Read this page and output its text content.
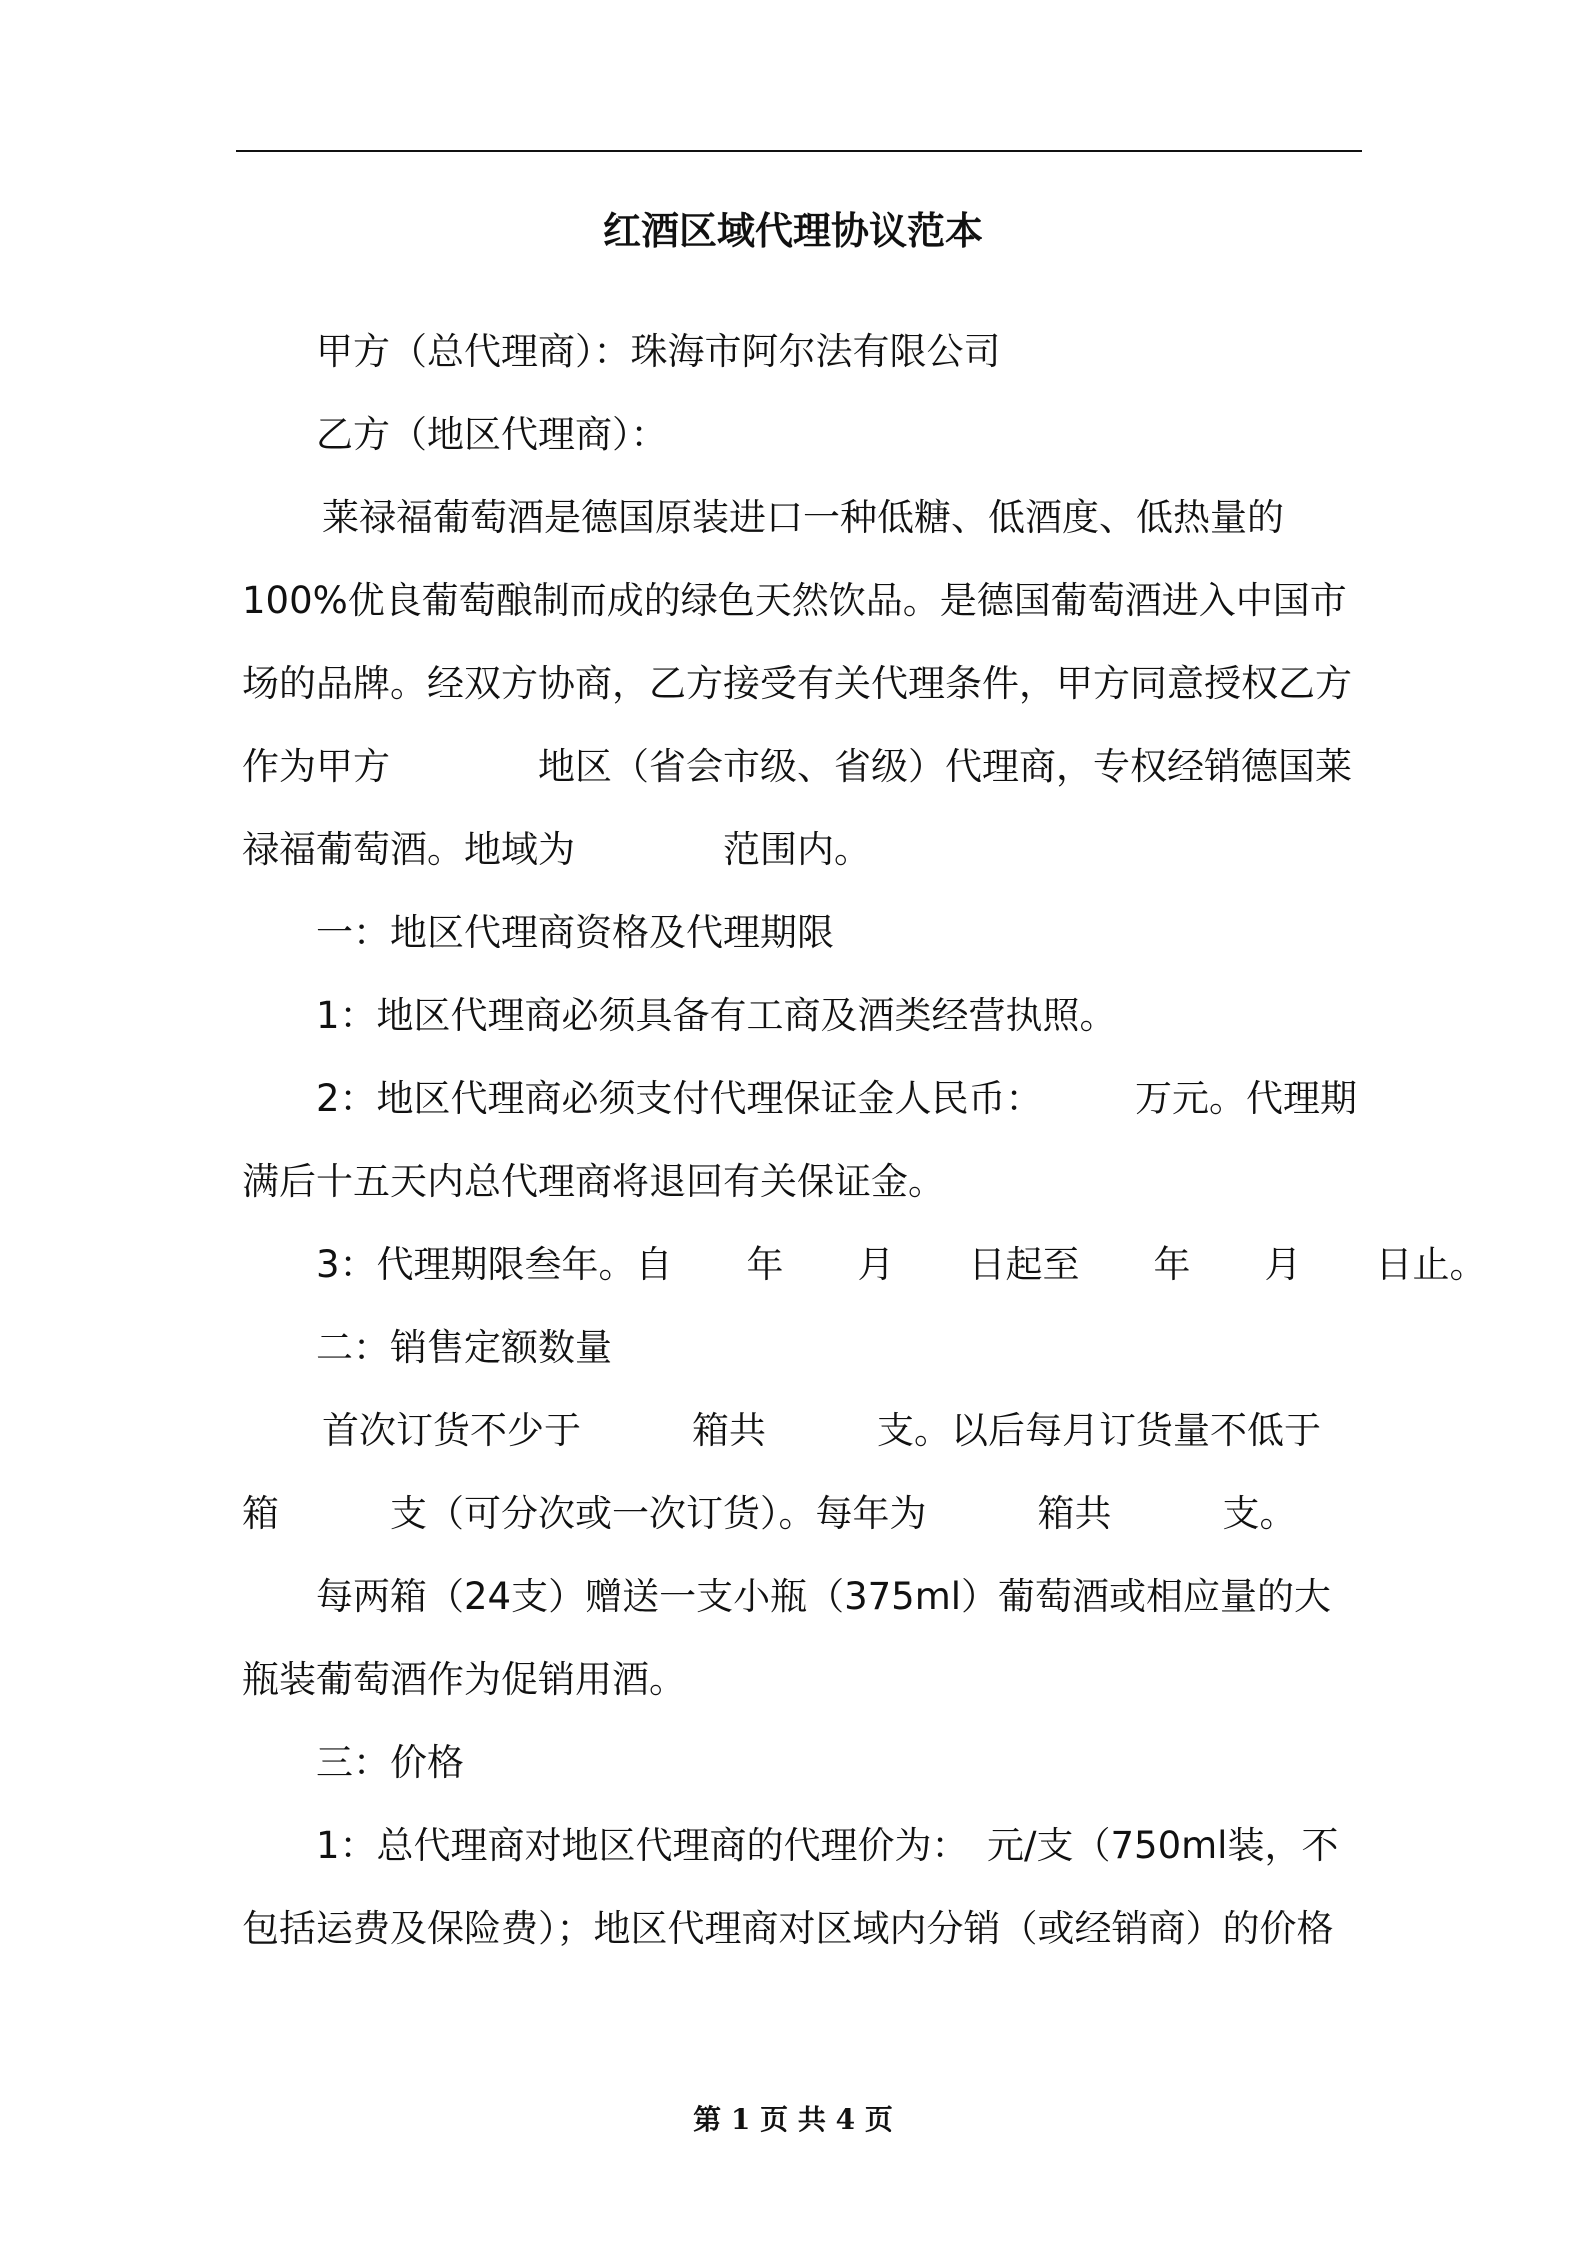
红酒区域代理协议范本
甲方（总代理商）：珠海市阿尔法有限公司
乙方（地区代理商）：
莱禄福葡萄酒是德国原装进口一种低糖、低酒度、低热量的
100%优良葡萄酿制而成的绿色天然饮品。是德国葡萄酒进入中国市
场的品牌。经双方协商，乙方接受有关代理条件，甲方同意授权乙方
作为甲方　　　　地区（省会市级、省级）代理商，专权经销德国莱
禄福葡萄酒。地域为　　　　范围内。
一：地区代理商资格及代理期限
1：地区代理商必须具备有工商及酒类经营执照。
2：地区代理商必须支付代理保证金人民币：　　　万元。代理期
满后十五天内总代理商将退回有关保证金。
3：代理期限叁年。自　　年　　月　　日起至　　年　　月　　日止。
二：销售定额数量
首次订货不少于　　　箱共　　　支。以后每月订货量不低于
箱　　　支（可分次或一次订货）。每年为　　　箱共　　　支。
每两箱（24支）赠送一支小瓶（375ml）葡萄酒或相应量的大
瓶装葡萄酒作为促销用酒。
三：价格
1：总代理商对地区代理商的代理价为：　元/支（750ml装，不
包括运费及保险费）；地区代理商对区域内分销（或经销商）的价格
第 1 页 共 4 页
